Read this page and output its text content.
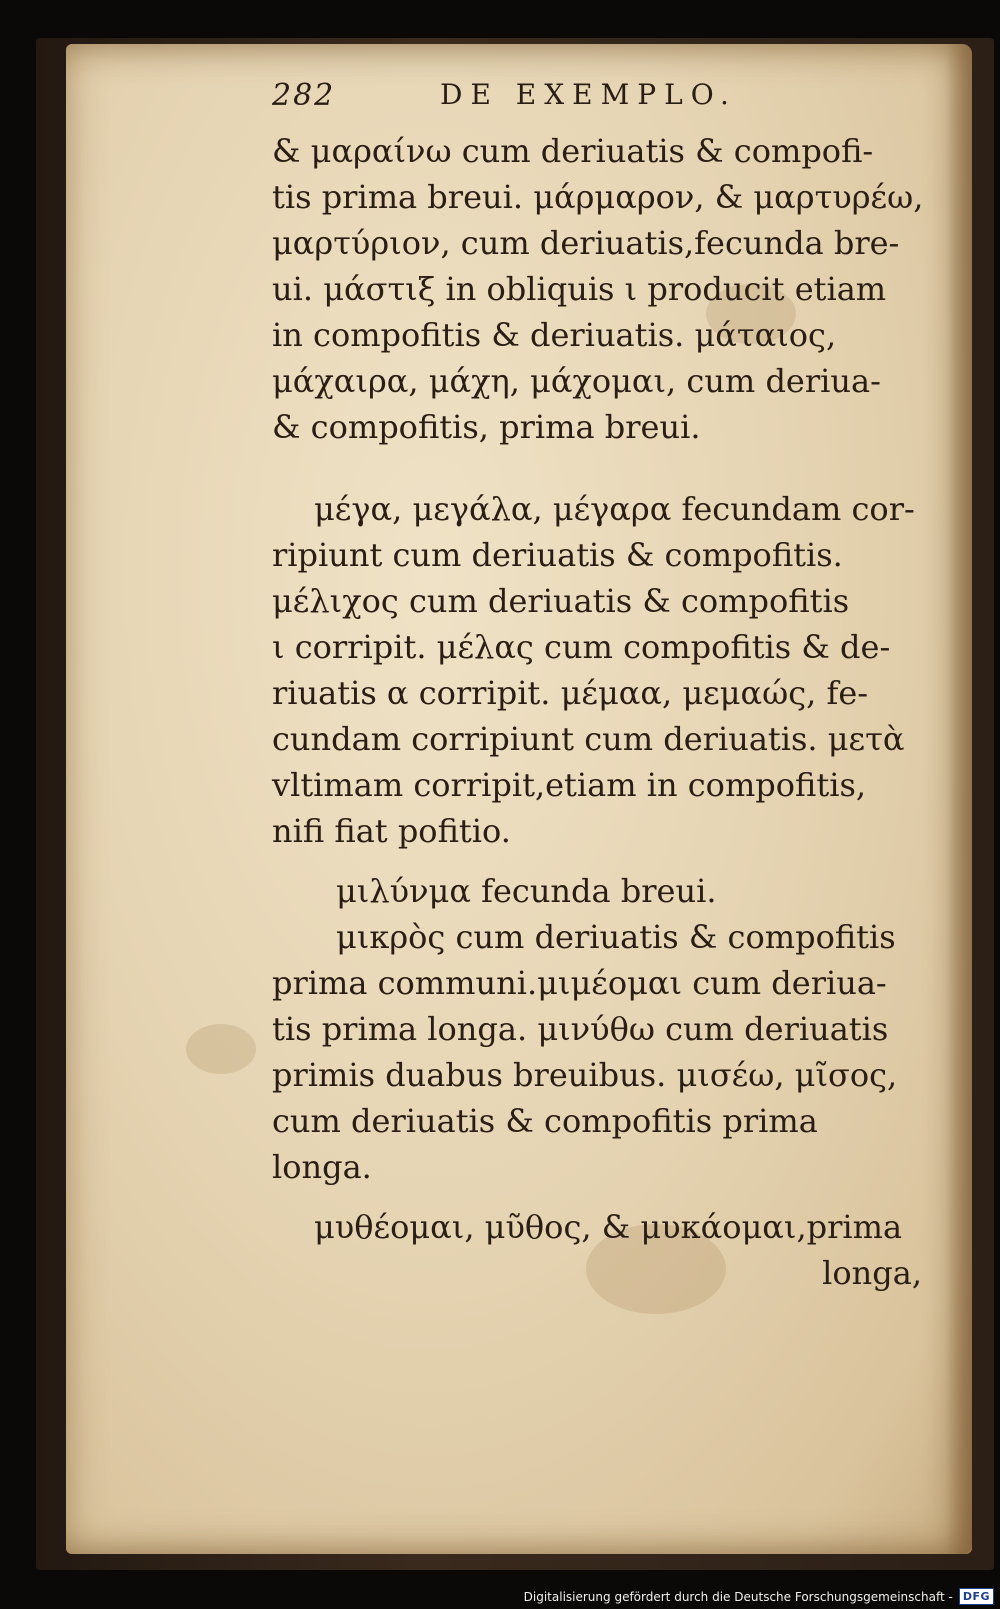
282	DE EXEMPLO.
& μαραίνω cum deriuatis & compofi-
tis prima breui. μάρμαρον, & μαρτυρέω,
μαρτύριον, cum deriuatis,fecunda bre-
ui. μάστιξ in obliquis ι producit etiam
in compofitis & deriuatis. μάταιος,
μάχαιρα, μάχη, μάχομαι, cum deriua-
& compofitis, prima breui.
μέγα, μεγάλα, μέγαρα fecundam cor-
ripiunt cum deriuatis & compofitis.
μέλιχος cum deriuatis & compofitis
ι corripit. μέλας cum compofitis & de-
riuatis α corripit. μέμαα, μεμαώς, fe-
cundam corripiunt cum deriuatis. μετὰ
vltimam corripit,etiam in compofitis,
nifi fiat pofitio.
μιλύνμα fecunda breui.
μικρὸς cum deriuatis & compofitis
prima communi.μιμέομαι cum deriua-
tis prima longa. μινύθω cum deriuatis
primis duabus breuibus. μισέω, μῖσος,
cum deriuatis & compofitis prima
longa.
μυθέομαι, μῦθος, & μυκάομαι,prima
longa,
Digitalisierung gefördert durch die Deutsche Forschungsgemeinschaft - DFG
